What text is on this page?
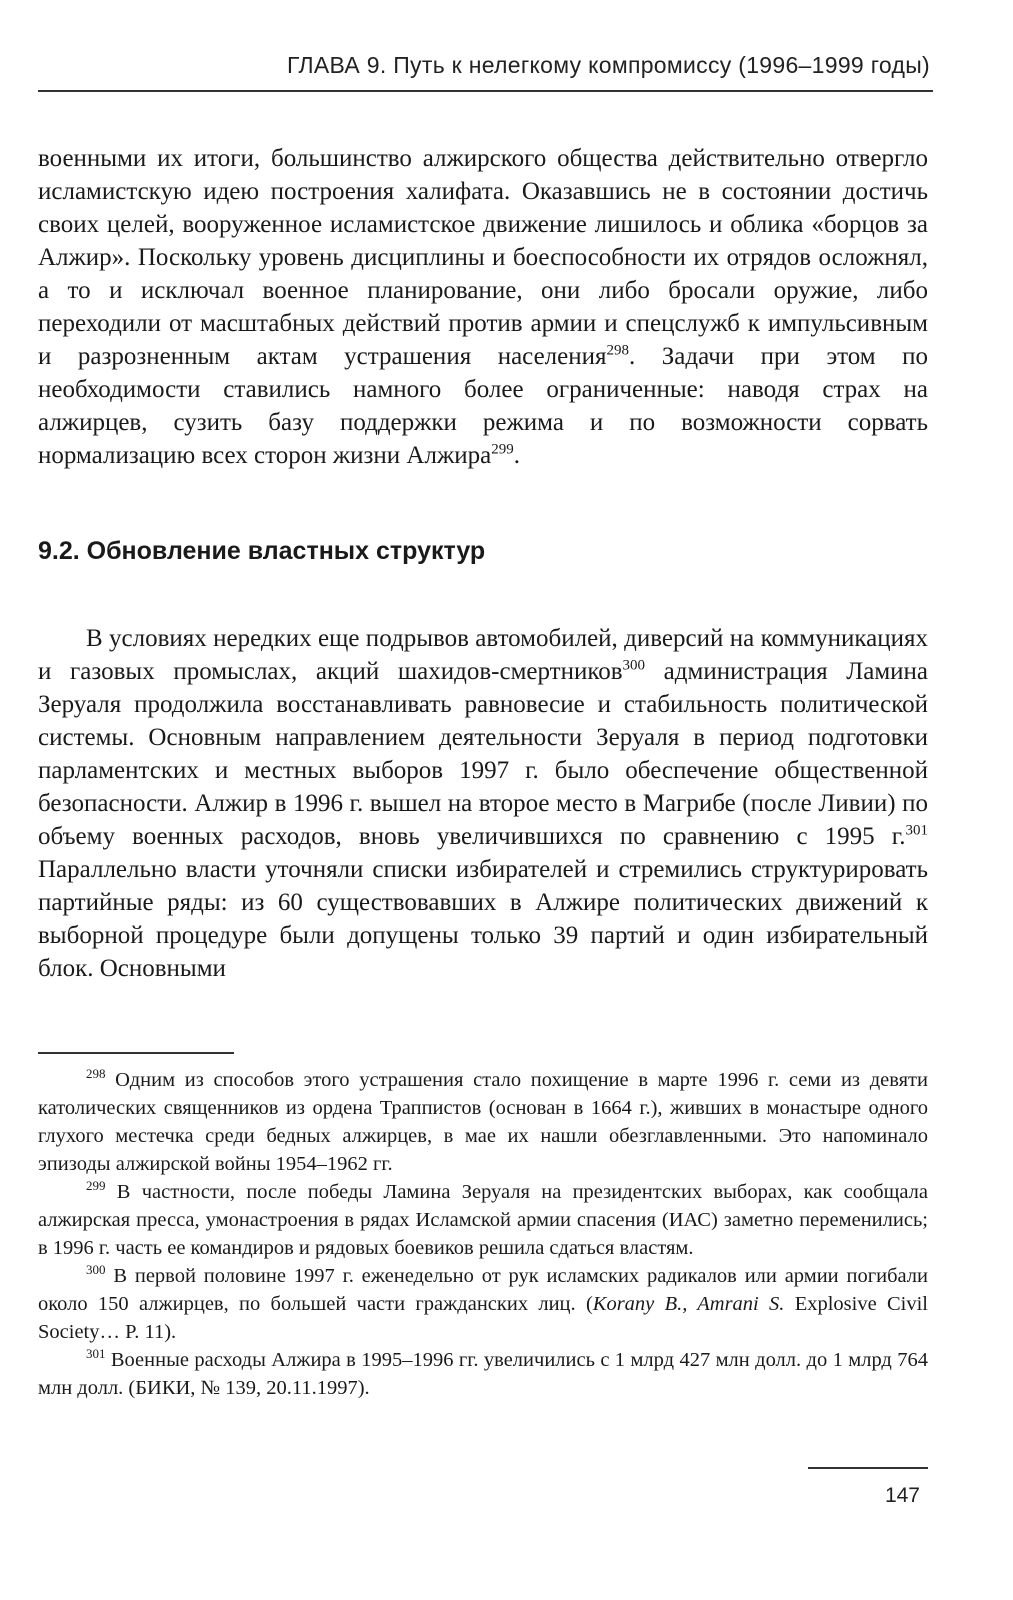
ГЛАВА 9. Путь к нелегкому компромиссу (1996–1999 годы)

военными их итоги, большинство алжирского общества действительно отвергло исламистскую идею построения халифата. Оказавшись не в состоянии достичь своих целей, вооруженное исламистское движение лишилось и облика «борцов за Алжир». Поскольку уровень дисциплины и боеспособности их отрядов осложнял, а то и исключал военное планирование, они либо бросали оружие, либо переходили от масштабных действий против армии и спецслужб к импульсивным и разрозненным актам устрашения населения$^{298}$. Задачи при этом по необходимости ставились намного более ограниченные: наводя страх на алжирцев, сузить базу поддержки режима и по возможности сорвать нормализацию всех сторон жизни Алжира$^{299}$.

9.2. Обновление властных структур

В условиях нередких еще подрывов автомобилей, диверсий на коммуникациях и газовых промыслах, акций шахидов-смертников$^{300}$ администрация Ламина Зеруаля продолжила восстанавливать равновесие и стабильность политической системы. Основным направлением деятельности Зеруаля в период подготовки парламентских и местных выборов 1997 г. было обеспечение общественной безопасности. Алжир в 1996 г. вышел на второе место в Магрибе (после Ливии) по объему военных расходов, вновь увеличившихся по сравнению с 1995 г.$^{301}$ Параллельно власти уточняли списки избирателей и стремились структурировать партийные ряды: из 60 существовавших в Алжире политических движений к выборной процедуре были допущены только 39 партий и один избирательный блок. Основными

$^{298}$ Одним из способов этого устрашения стало похищение в марте 1996 г. семи из девяти католических священников из ордена Траппистов (основан в 1664 г.), живших в монастыре одного глухого местечка среди бедных алжирцев, в мае их нашли обезглавленными. Это напоминало эпизоды алжирской войны 1954–1962 гг.

$^{299}$ В частности, после победы Ламина Зеруаля на президентских выборах, как сообщала алжирская пресса, умонастроения в рядах Исламской армии спасения (ИАС) заметно переменились; в 1996 г. часть ее командиров и рядовых боевиков решила сдаться властям.

$^{300}$ В первой половине 1997 г. еженедельно от рук исламских радикалов или армии погибали около 150 алжирцев, по большей части гражданских лиц. (Korany B., Amrani S. Explosive Civil Society… P. 11).

$^{301}$ Военные расходы Алжира в 1995–1996 гг. увеличились с 1 млрд 427 млн долл. до 1 млрд 764 млн долл. (БИКИ, № 139, 20.11.1997).

147
